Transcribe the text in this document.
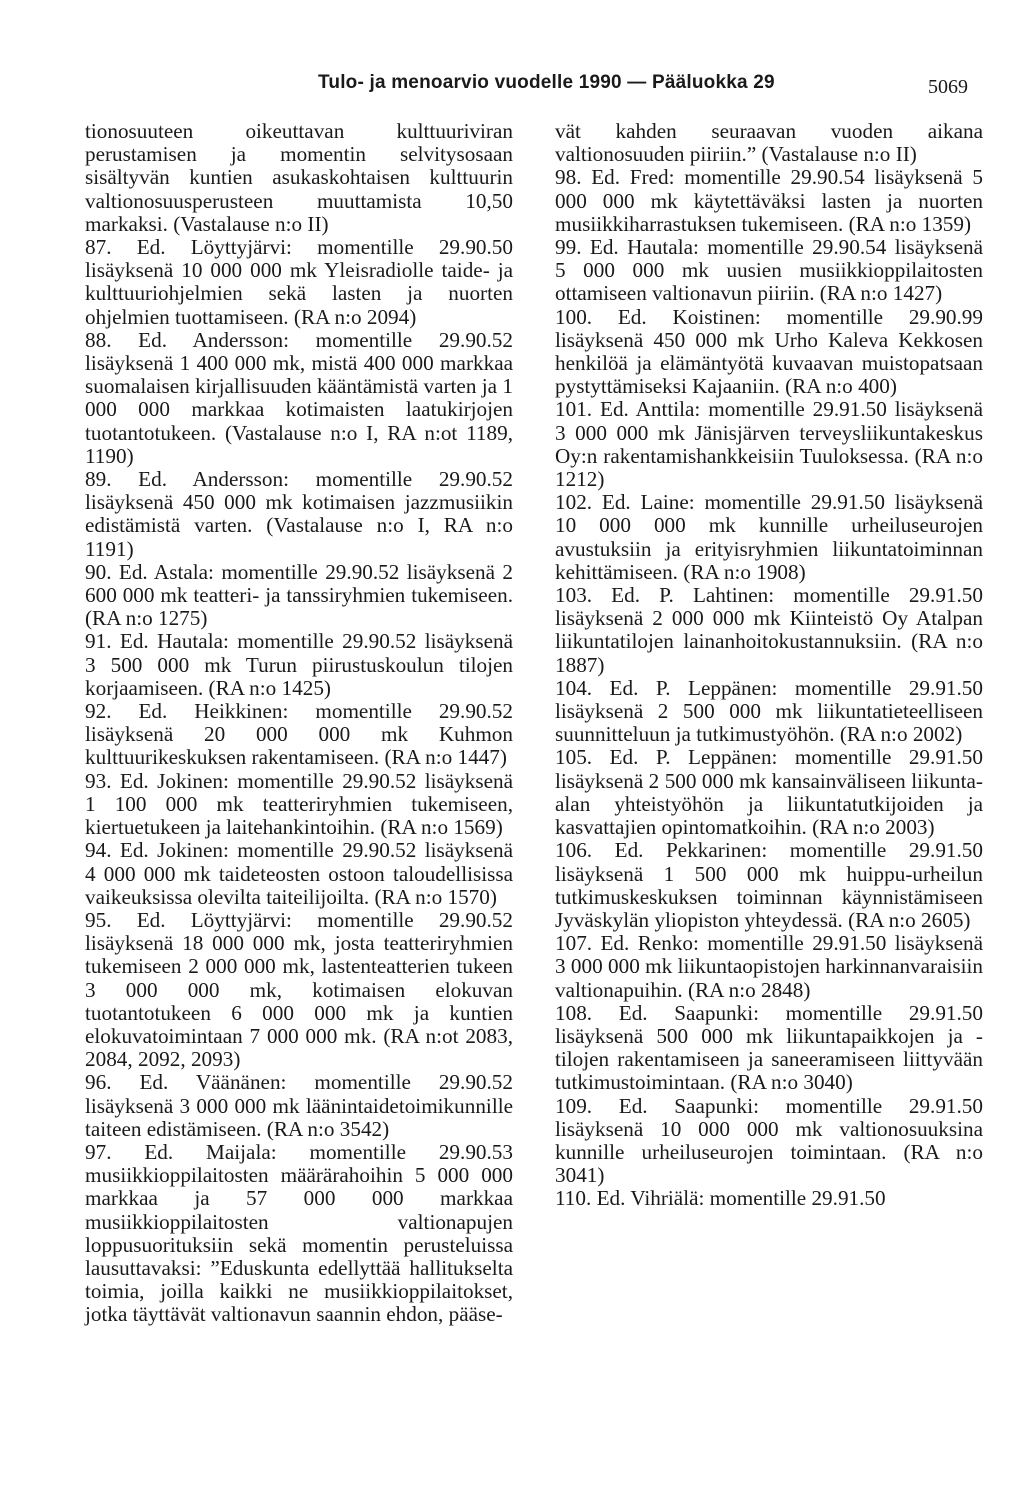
Tulo- ja menoarvio vuodelle 1990 — Pääluokka 29	5069

tionosuuteen oikeuttavan kulttuuriviran perustamisen ja momentin selvitysosaan sisältyvän kuntien asukaskohtaisen kulttuurin valtionosuusperusteen muuttamista 10,50 markaksi. (Vastalause n:o II)

87. Ed. Löyttyjärvi: momentille 29.90.50 lisäyksenä 10 000 000 mk Yleisradiolle taide- ja kulttuuriohjelmien sekä lasten ja nuorten ohjelmien tuottamiseen. (RA n:o 2094)

88. Ed. Andersson: momentille 29.90.52 lisäyksenä 1 400 000 mk, mistä 400 000 markkaa suomalaisen kirjallisuuden kääntämistä varten ja 1 000 000 markkaa kotimaisten laatukirjojen tuotantotukeen. (Vastalause n:o I, RA n:ot 1189, 1190)

89. Ed. Andersson: momentille 29.90.52 lisäyksenä 450 000 mk kotimaisen jazzmusiikin edistämistä varten. (Vastalause n:o I, RA n:o 1191)

90. Ed. Astala: momentille 29.90.52 lisäyksenä 2 600 000 mk teatteri- ja tanssiryhmien tukemiseen. (RA n:o 1275)

91. Ed. Hautala: momentille 29.90.52 lisäyksenä 3 500 000 mk Turun piirustuskoulun tilojen korjaamiseen. (RA n:o 1425)

92. Ed. Heikkinen: momentille 29.90.52 lisäyksenä 20 000 000 mk Kuhmon kulttuurikeskuksen rakentamiseen. (RA n:o 1447)

93. Ed. Jokinen: momentille 29.90.52 lisäyksenä 1 100 000 mk teatteriryhmien tukemiseen, kiertuetukeen ja laitehankintoihin. (RA n:o 1569)

94. Ed. Jokinen: momentille 29.90.52 lisäyksenä 4 000 000 mk taideteosten ostoon taloudellisissa vaikeuksissa olevilta taiteilijoilta. (RA n:o 1570)

95. Ed. Löyttyjärvi: momentille 29.90.52 lisäyksenä 18 000 000 mk, josta teatteriryhmien tukemiseen 2 000 000 mk, lastenteatterien tukeen 3 000 000 mk, kotimaisen elokuvan tuotantotukeen 6 000 000 mk ja kuntien elokuvatoimintaan 7 000 000 mk. (RA n:ot 2083, 2084, 2092, 2093)

96. Ed. Väänänen: momentille 29.90.52 lisäyksenä 3 000 000 mk läänintaidetoimikunnille taiteen edistämiseen. (RA n:o 3542)

97. Ed. Maijala: momentille 29.90.53 musiikkioppilaitosten määrärahoihin 5 000 000 markkaa ja 57 000 000 markkaa musiikkioppilaitosten valtionapujen loppusuorituksiin sekä momentin perusteluissa lausuttavaksi: ”Eduskunta edellyttää hallitukselta toimia, joilla kaikki ne musiikkioppilaitokset, jotka täyttävät valtionavun saannin ehdon, pääse-

vät kahden seuraavan vuoden aikana valtionosuuden piiriin.” (Vastalause n:o II)

98. Ed. Fred: momentille 29.90.54 lisäyksenä 5 000 000 mk käytettäväksi lasten ja nuorten musiikkiharrastuksen tukemiseen. (RA n:o 1359)

99. Ed. Hautala: momentille 29.90.54 lisäyksenä 5 000 000 mk uusien musiikkioppilaitosten ottamiseen valtionavun piiriin. (RA n:o 1427)

100. Ed. Koistinen: momentille 29.90.99 lisäyksenä 450 000 mk Urho Kaleva Kekkosen henkilöä ja elämäntyötä kuvaavan muistopatsaan pystyttämiseksi Kajaaniin. (RA n:o 400)

101. Ed. Anttila: momentille 29.91.50 lisäyksenä 3 000 000 mk Jänisjärven terveysliikuntakeskus Oy:n rakentamishankkeisiin Tuuloksessa. (RA n:o 1212)

102. Ed. Laine: momentille 29.91.50 lisäyksenä 10 000 000 mk kunnille urheiluseurojen avustuksiin ja erityisryhmien liikuntatoiminnan kehittämiseen. (RA n:o 1908)

103. Ed. P. Lahtinen: momentille 29.91.50 lisäyksenä 2 000 000 mk Kiinteistö Oy Atalpan liikuntatilojen lainanhoitokustannuksiin. (RA n:o 1887)

104. Ed. P. Leppänen: momentille 29.91.50 lisäyksenä 2 500 000 mk liikuntatieteelliseen suunnitteluun ja tutkimustyöhön. (RA n:o 2002)

105. Ed. P. Leppänen: momentille 29.91.50 lisäyksenä 2 500 000 mk kansainväliseen liikunta-alan yhteistyöhön ja liikuntatutkijoiden ja kasvattajien opintomatkoihin. (RA n:o 2003)

106. Ed. Pekkarinen: momentille 29.91.50 lisäyksenä 1 500 000 mk huippu-urheilun tutkimuskeskuksen toiminnan käynnistämiseen Jyväskylän yliopiston yhteydessä. (RA n:o 2605)

107. Ed. Renko: momentille 29.91.50 lisäyksenä 3 000 000 mk liikuntaopistojen harkinnanvaraisiin valtionapuihin. (RA n:o 2848)

108. Ed. Saapunki: momentille 29.91.50 lisäyksenä 500 000 mk liikuntapaikkojen ja -tilojen rakentamiseen ja saneeramiseen liittyvään tutkimustoimintaan. (RA n:o 3040)

109. Ed. Saapunki: momentille 29.91.50 lisäyksenä 10 000 000 mk valtionosuuksina kunnille urheiluseurojen toimintaan. (RA n:o 3041)

110. Ed. Vihriälä: momentille 29.91.50
